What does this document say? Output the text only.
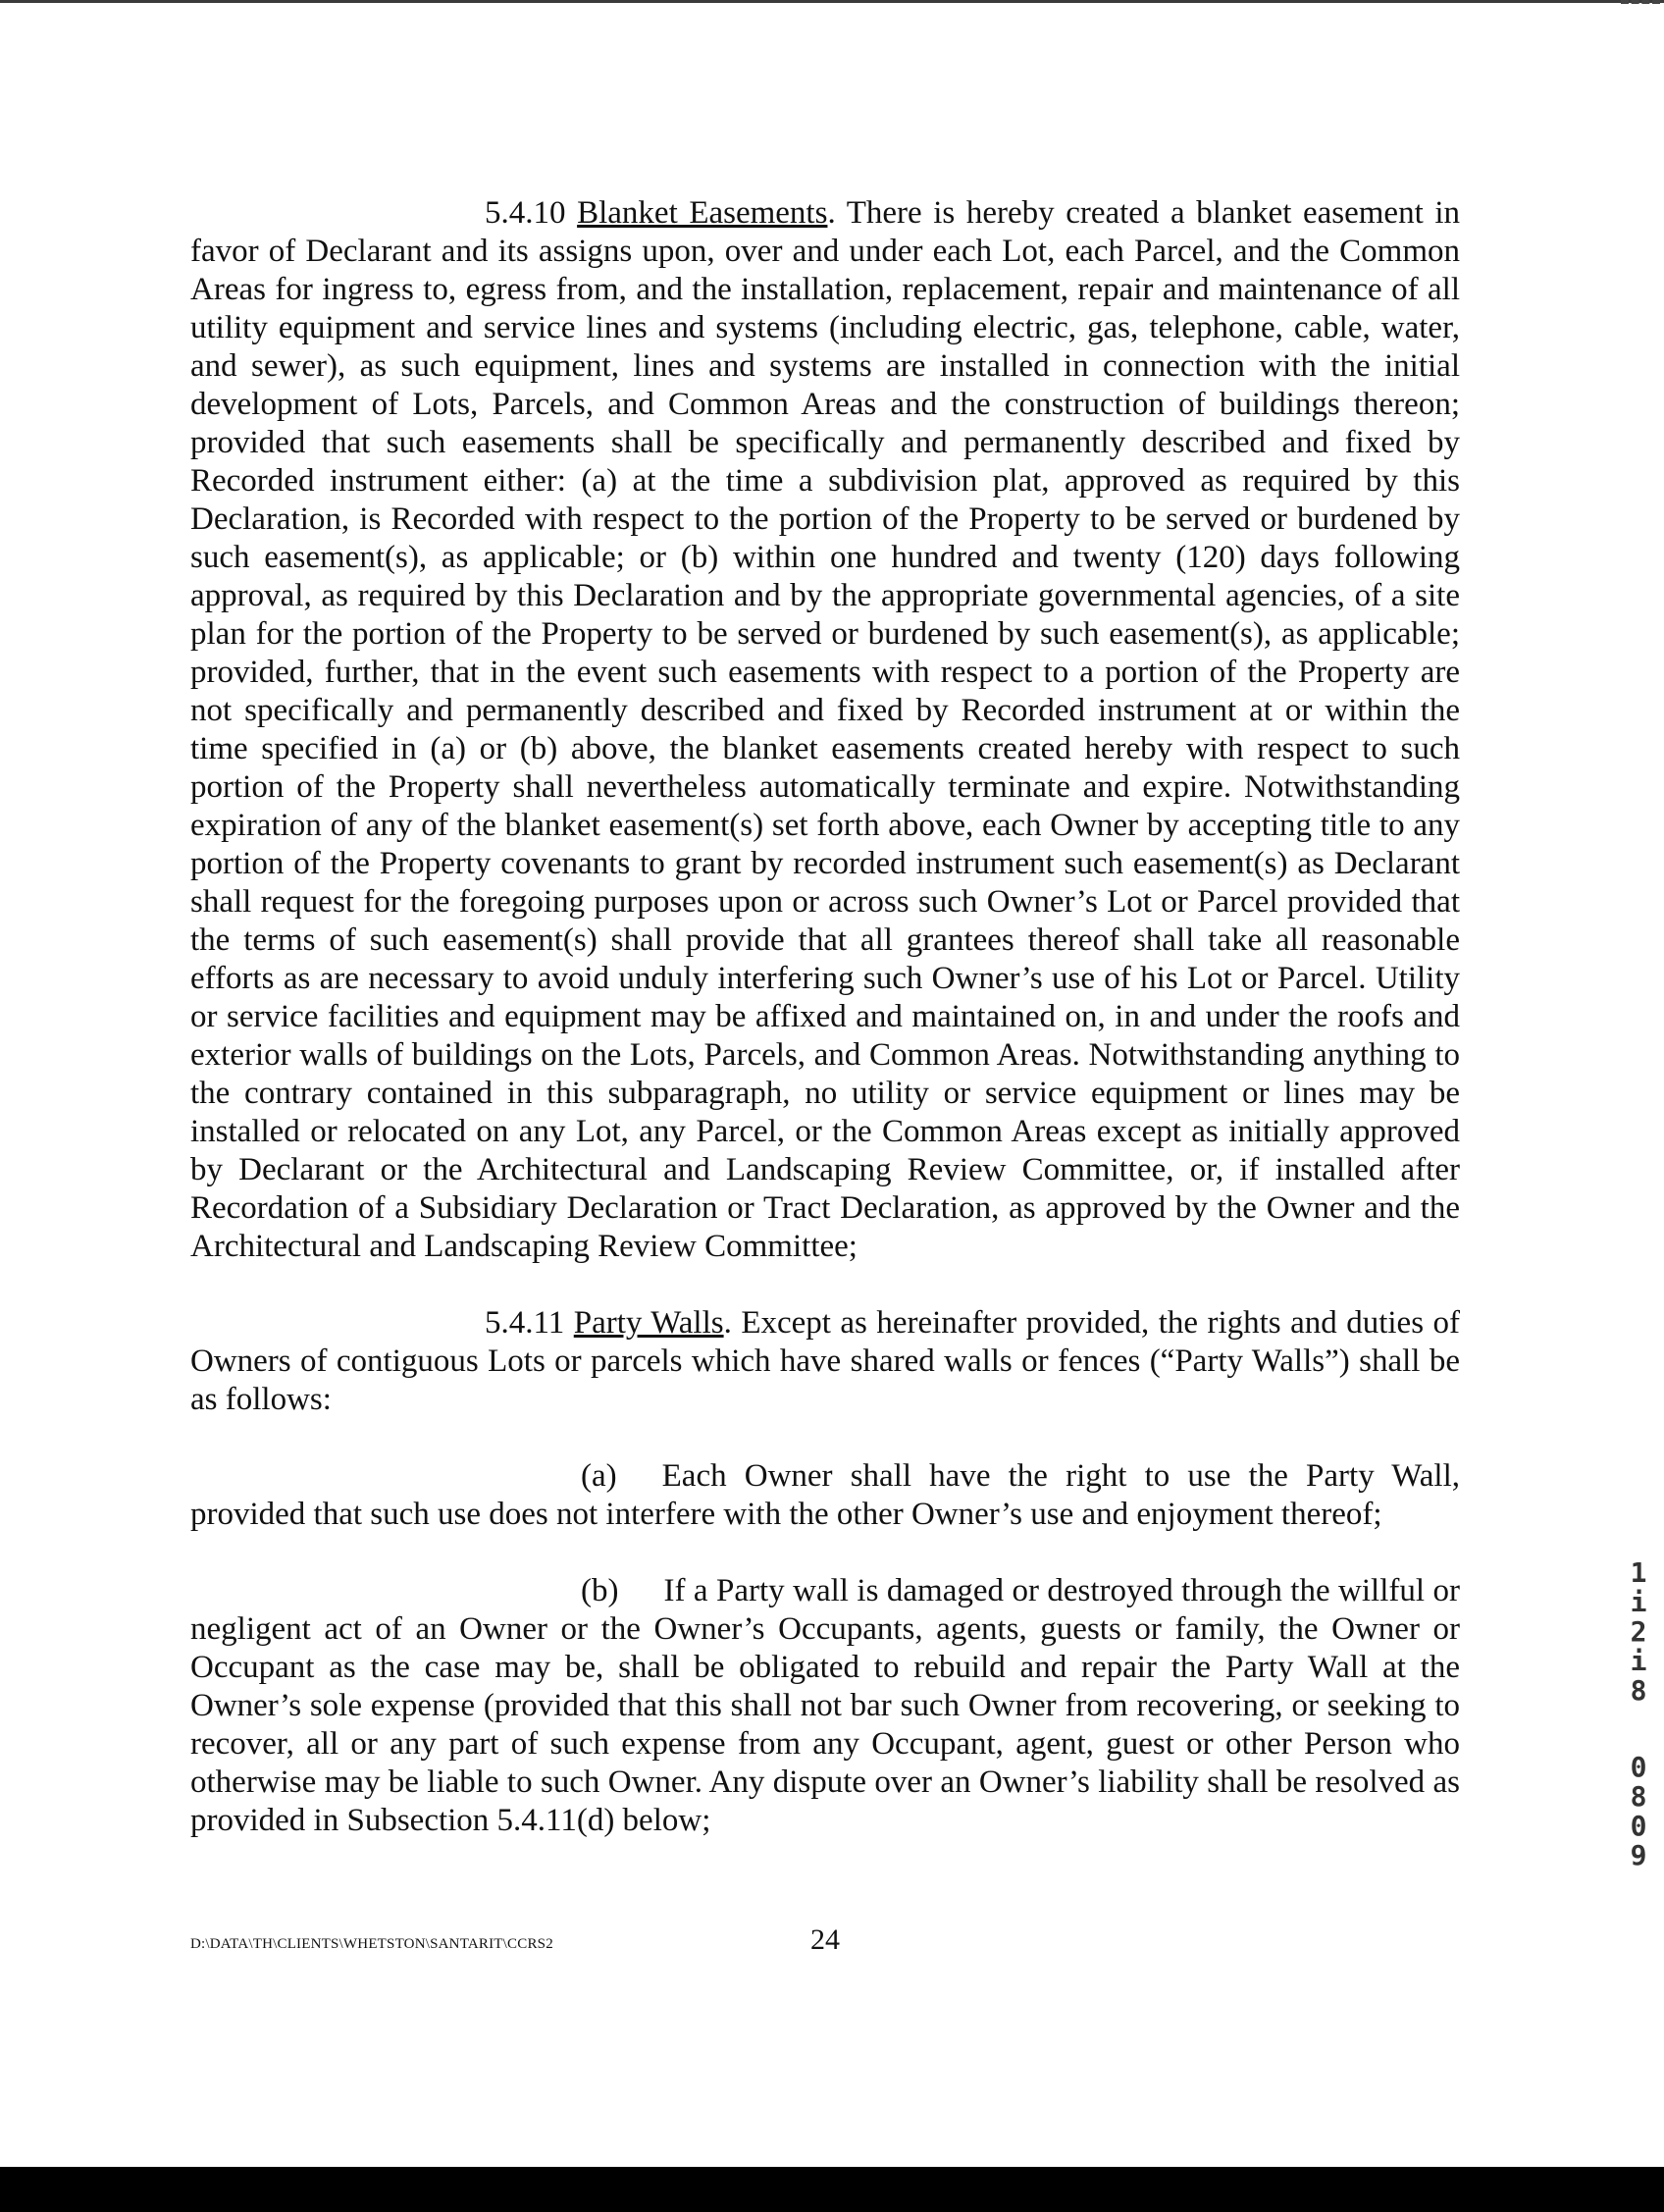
5.4.10 Blanket Easements. There is hereby created a blanket easement in favor of Declarant and its assigns upon, over and under each Lot, each Parcel, and the Common Areas for ingress to, egress from, and the installation, replacement, repair and maintenance of all utility equipment and service lines and systems (including electric, gas, telephone, cable, water, and sewer), as such equipment, lines and systems are installed in connection with the initial development of Lots, Parcels, and Common Areas and the construction of buildings thereon; provided that such easements shall be specifically and permanently described and fixed by Recorded instrument either: (a) at the time a subdivision plat, approved as required by this Declaration, is Recorded with respect to the portion of the Property to be served or burdened by such easement(s), as applicable; or (b) within one hundred and twenty (120) days following approval, as required by this Declaration and by the appropriate governmental agencies, of a site plan for the portion of the Property to be served or burdened by such easement(s), as applicable; provided, further, that in the event such easements with respect to a portion of the Property are not specifically and permanently described and fixed by Recorded instrument at or within the time specified in (a) or (b) above, the blanket easements created hereby with respect to such portion of the Property shall nevertheless automatically terminate and expire. Notwithstanding expiration of any of the blanket easement(s) set forth above, each Owner by accepting title to any portion of the Property covenants to grant by recorded instrument such easement(s) as Declarant shall request for the foregoing purposes upon or across such Owner’s Lot or Parcel provided that the terms of such easement(s) shall provide that all grantees thereof shall take all reasonable efforts as are necessary to avoid unduly interfering such Owner’s use of his Lot or Parcel. Utility or service facilities and equipment may be affixed and maintained on, in and under the roofs and exterior walls of buildings on the Lots, Parcels, and Common Areas. Notwithstanding anything to the contrary contained in this subparagraph, no utility or service equipment or lines may be installed or relocated on any Lot, any Parcel, or the Common Areas except as initially approved by Declarant or the Architectural and Landscaping Review Committee, or, if installed after Recordation of a Subsidiary Declaration or Tract Declaration, as approved by the Owner and the Architectural and Landscaping Review Committee;

5.4.11 Party Walls. Except as hereinafter provided, the rights and duties of Owners of contiguous Lots or parcels which have shared walls or fences (“Party Walls”) shall be as follows:

(a) Each Owner shall have the right to use the Party Wall, provided that such use does not interfere with the other Owner’s use and enjoyment thereof;

(b) If a Party wall is damaged or destroyed through the willful or negligent act of an Owner or the Owner’s Occupants, agents, guests or family, the Owner or Occupant as the case may be, shall be obligated to rebuild and repair the Party Wall at the Owner’s sole expense (provided that this shall not bar such Owner from recovering, or seeking to recover, all or any part of such expense from any Occupant, agent, guest or other Person who otherwise may be liable to such Owner. Any dispute over an Owner’s liability shall be resolved as provided in Subsection 5.4.11(d) below;

1
i
2
i
8
0
8
0
9
D:\DATA\TH\CLIENTS\WHETSTON\SANTARIT\CCRS2	24
